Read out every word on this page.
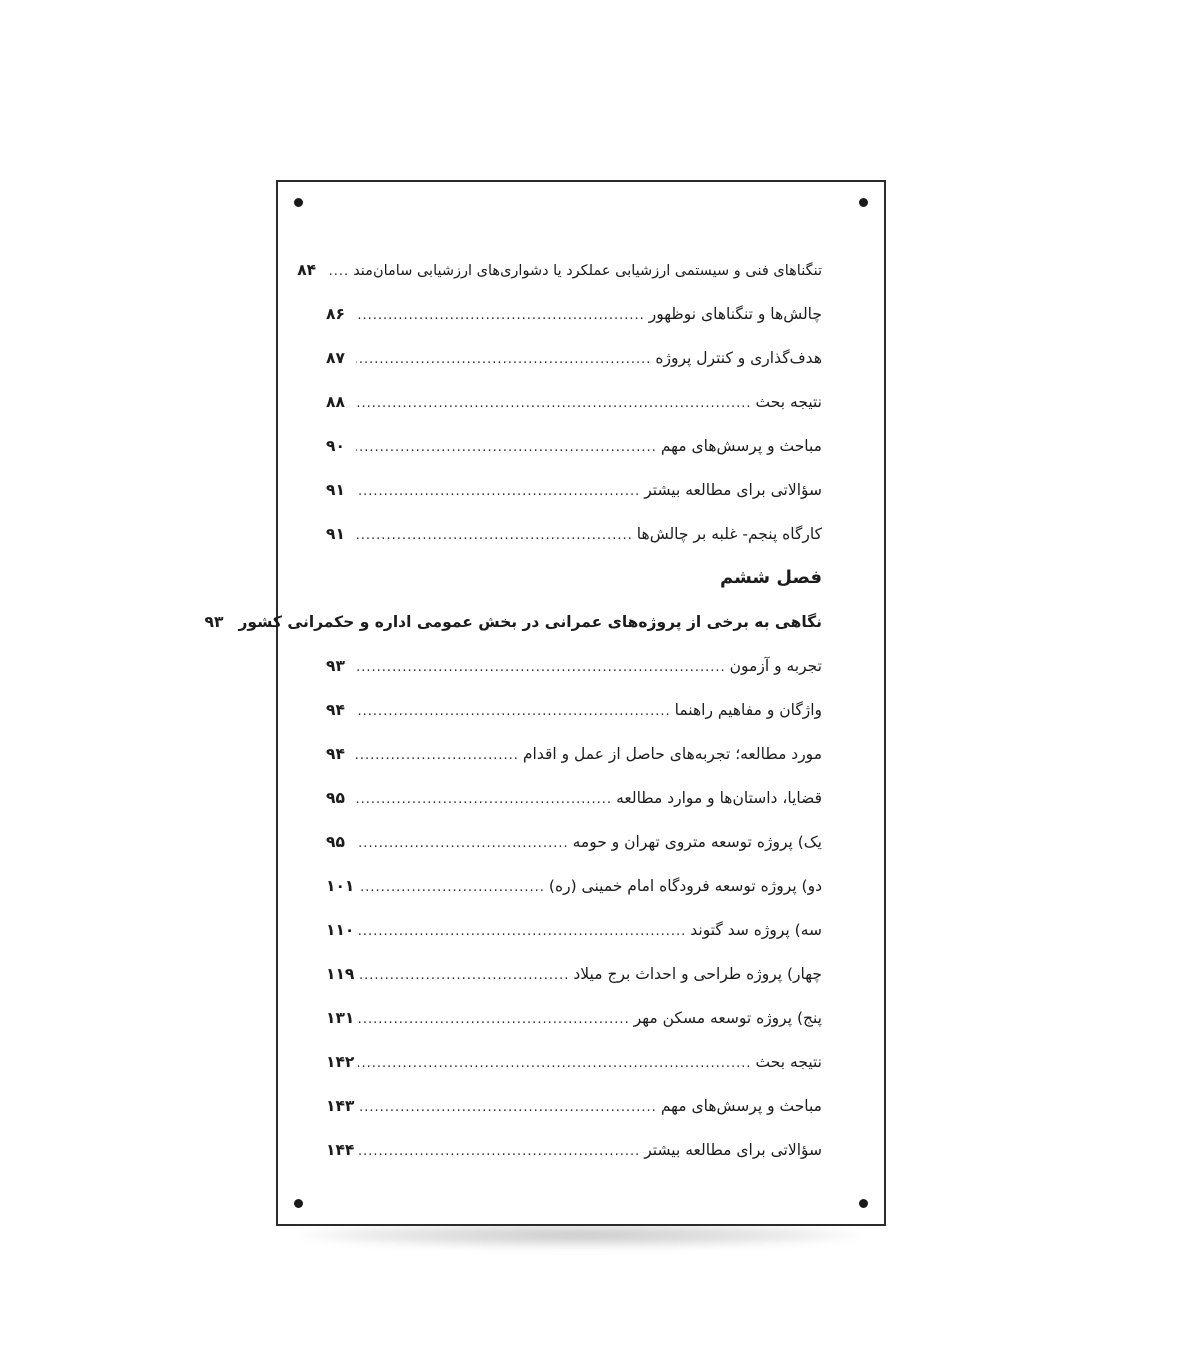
تنگناهای فنی و سیستمی ارزشیابی عملکرد یا دشواری‌های ارزشیابی سامان‌مند
.....
۸۴
چالش‌ها و تنگناهای نوظهور
.....
۸۶
هدف‌گذاری و کنترل پروژه
.....
۸۷
نتیجه بحث
.....
۸۸
مباحث و پرسش‌های مهم
.....
۹۰
سؤالاتی برای مطالعه بیشتر
.....
۹۱
کارگاه پنجم- غلبه بر چالش‌ها
.....
۹۱
فصل ششم
نگاهی به برخی از پروژه‌های عمرانی در بخش عمومی اداره و حکمرانی کشور
۹۳
تجربه و آزمون
.....
۹۳
واژگان و مفاهیم راهنما
.....
۹۴
مورد مطالعه؛ تجربه‌های حاصل از عمل و اقدام
.....
۹۴
قضایا، داستان‌ها و موارد مطالعه
.....
۹۵
یک) پروژه توسعه متروی تهران و حومه
.....
۹۵
دو) پروژه توسعه فرودگاه امام خمینی (ره)
.....
۱۰۱
سه) پروژه سد گتوند
.....
۱۱۰
چهار) پروژه طراحی و احداث برج میلاد
.....
۱۱۹
پنج) پروژه توسعه مسکن مهر
.....
۱۳۱
نتیجه بحث
.....
۱۴۲
مباحث و پرسش‌های مهم
.....
۱۴۳
سؤالاتی برای مطالعه بیشتر
.....
۱۴۴
